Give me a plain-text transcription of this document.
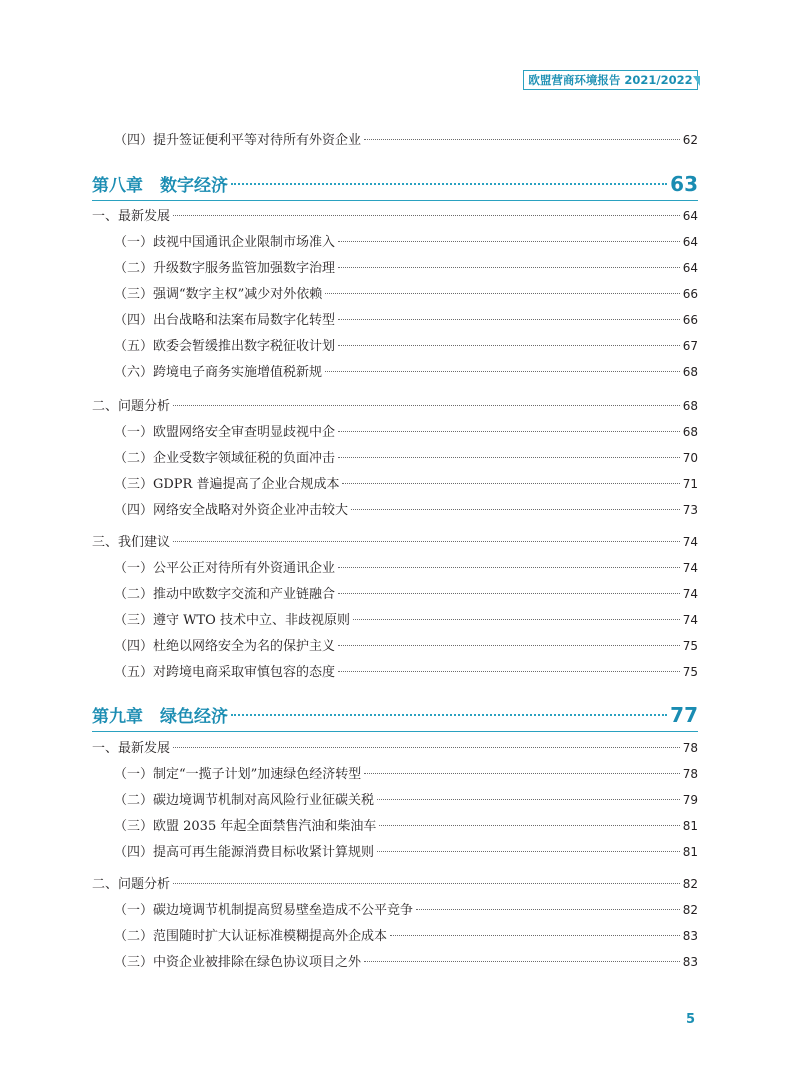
欧盟营商环境报告 2021/2022
（四）提升签证便利平等对待所有外资企业	62
第八章　数字经济	63
一、最新发展	64
（一）歧视中国通讯企业限制市场准入	64
（二）升级数字服务监管加强数字治理	64
（三）强调“数字主权”减少对外依赖	66
（四）出台战略和法案布局数字化转型	66
（五）欧委会暂缓推出数字税征收计划	67
（六）跨境电子商务实施增值税新规	68
二、问题分析	68
（一）欧盟网络安全审查明显歧视中企	68
（二）企业受数字领域征税的负面冲击	70
（三）GDPR 普遍提高了企业合规成本	71
（四）网络安全战略对外资企业冲击较大	73
三、我们建议	74
（一）公平公正对待所有外资通讯企业	74
（二）推动中欧数字交流和产业链融合	74
（三）遵守 WTO 技术中立、非歧视原则	74
（四）杜绝以网络安全为名的保护主义	75
（五）对跨境电商采取审慎包容的态度	75
第九章　绿色经济	77
一、最新发展	78
（一）制定“一揽子计划”加速绿色经济转型	78
（二）碳边境调节机制对高风险行业征碳关税	79
（三）欧盟 2035 年起全面禁售汽油和柴油车	81
（四）提高可再生能源消费目标收紧计算规则	81
二、问题分析	82
（一）碳边境调节机制提高贸易壁垒造成不公平竞争	82
（二）范围随时扩大认证标准模糊提高外企成本	83
（三）中资企业被排除在绿色协议项目之外	83
5
